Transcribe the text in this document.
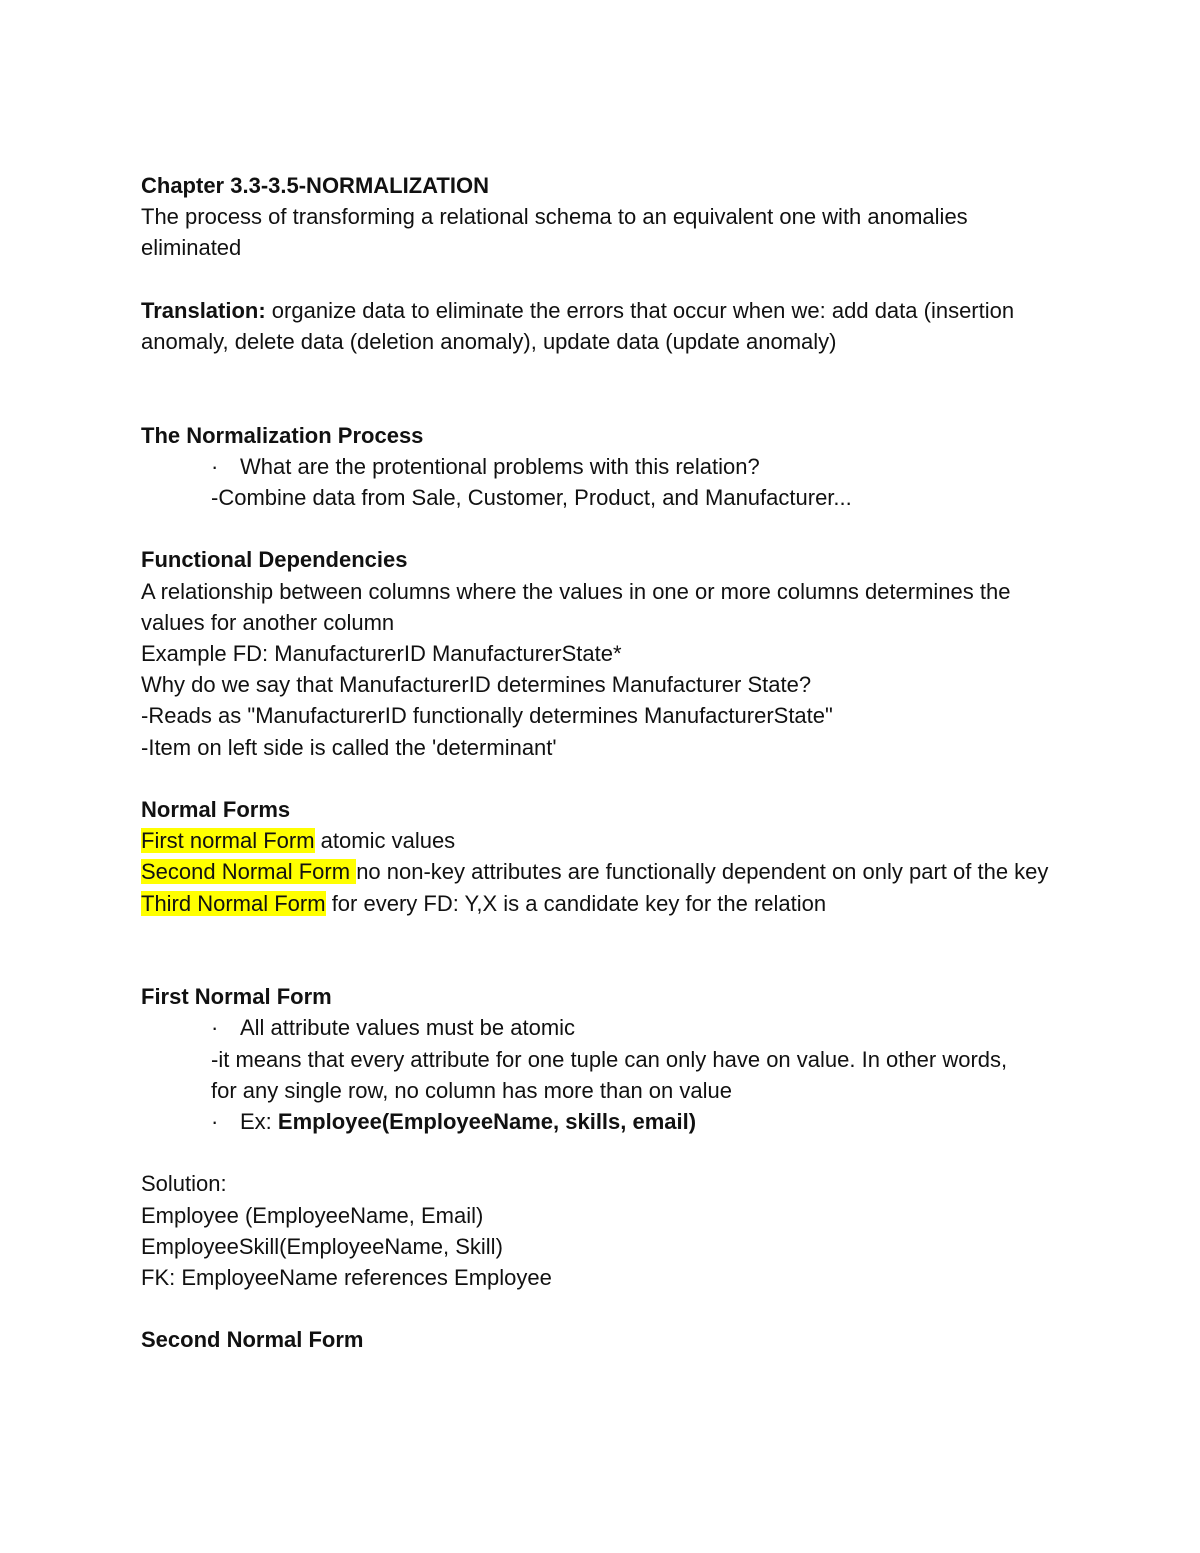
Chapter 3.3-3.5-NORMALIZATION

The process of transforming a relational schema to an equivalent one with anomalies eliminated

Translation: organize data to eliminate the errors that occur when we: add data (insertion anomaly, delete data (deletion anomaly), update data (update anomaly)

The Normalization Process

· What are the protentional problems with this relation?

-Combine data from Sale, Customer, Product, and Manufacturer...

Functional Dependencies

A relationship between columns where the values in one or more columns determines the values for another column

Example FD: ManufacturerID ManufacturerState*

Why do we say that ManufacturerID determines Manufacturer State?

-Reads as "ManufacturerID functionally determines ManufacturerState"

-Item on left side is called the 'determinant'

Normal Forms

First normal Form atomic values

Second Normal Form no non-key attributes are functionally dependent on only part of the key

Third Normal Form for every FD: Y,X is a candidate key for the relation

First Normal Form

· All attribute values must be atomic

-it means that every attribute for one tuple can only have on value. In other words, for any single row, no column has more than on value

· Ex: Employee(EmployeeName, skills, email)

Solution:

Employee (EmployeeName, Email)

EmployeeSkill(EmployeeName, Skill)

FK: EmployeeName references Employee

Second Normal Form
